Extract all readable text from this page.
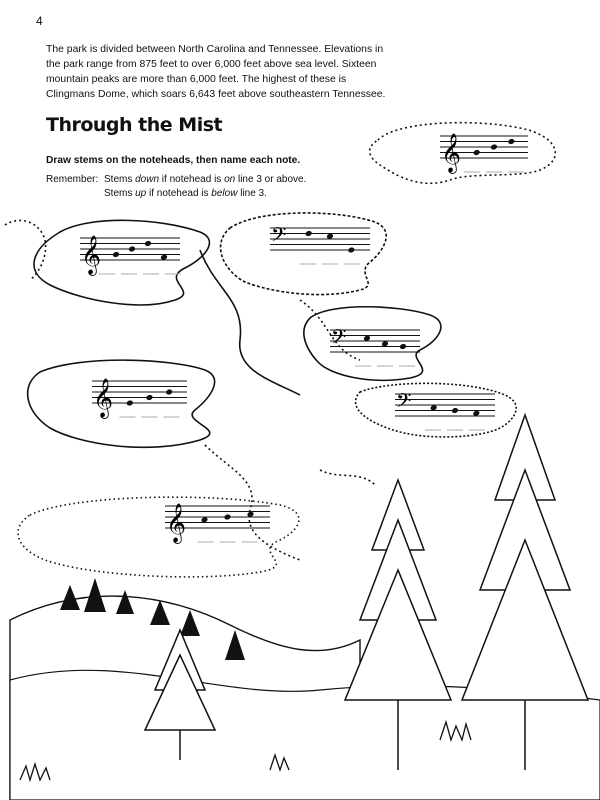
4

The park is divided between North Carolina and Tennessee. Elevations in the park range from 875 feet to over 6,000 feet above sea level. Sixteen mountain peaks are more than 6,000 feet. The highest of these is Clingmans Dome, which soars 6,643 feet above southeastern Tennessee.

Through the Mist
Draw stems on the noteheads, then name each note.
Remember: Stems down if notehead is on line 3 or above.
Stems up if notehead is below line 3.
𝄞
𝄞	𝄢
𝄢
𝄞	𝄢
𝄞
